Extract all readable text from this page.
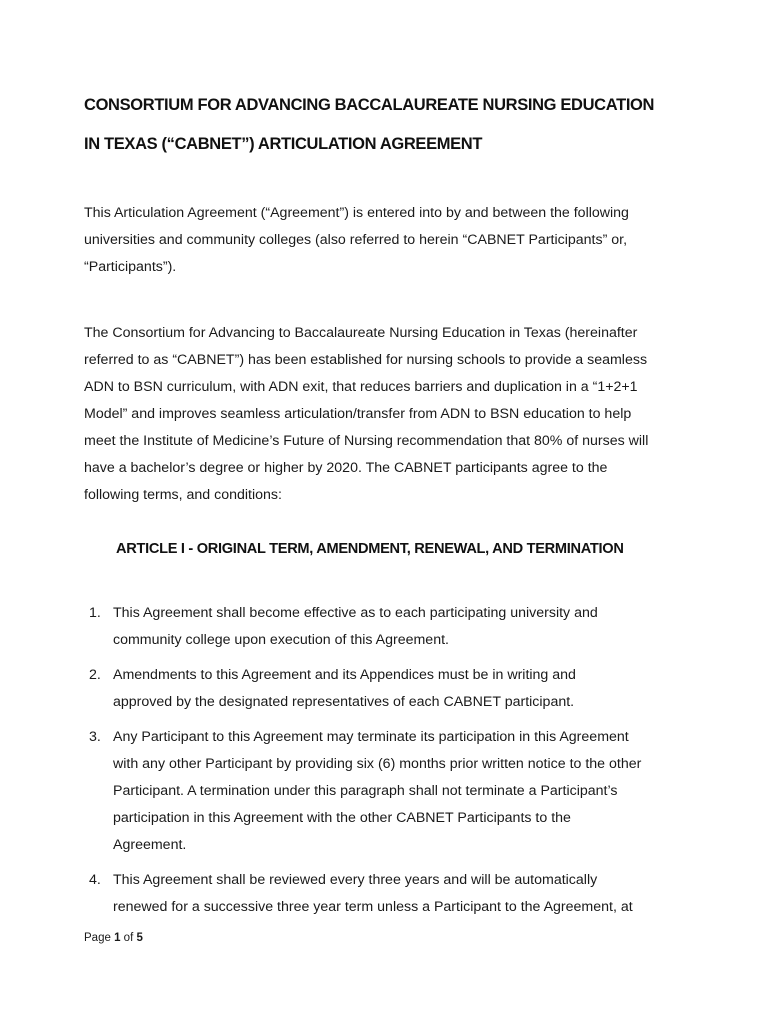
CONSORTIUM FOR ADVANCING BACCALAUREATE NURSING EDUCATION
IN TEXAS (“CABNET”) ARTICULATION AGREEMENT
This Articulation Agreement (“Agreement”) is entered into by and between the following
universities and community colleges (also referred to herein “CABNET Participants” or,
“Participants”).
The Consortium for Advancing to Baccalaureate Nursing Education in Texas (hereinafter
referred to as “CABNET”) has been established for nursing schools to provide a seamless
ADN to BSN curriculum, with ADN exit, that reduces barriers and duplication in a “1+2+1
Model” and improves seamless articulation/transfer from ADN to BSN education to help
meet the Institute of Medicine’s Future of Nursing recommendation that 80% of nurses will
have a bachelor’s degree or higher by 2020. The CABNET participants agree to the
following terms, and conditions:
ARTICLE I - ORIGINAL TERM, AMENDMENT, RENEWAL, AND TERMINATION
1. This Agreement shall become effective as to each participating university and
community college upon execution of this Agreement.
2. Amendments to this Agreement and its Appendices must be in writing and
approved by the designated representatives of each CABNET participant.
3. Any Participant to this Agreement may terminate its participation in this Agreement
with any other Participant by providing six (6) months prior written notice to the other
Participant. A termination under this paragraph shall not terminate a Participant’s
participation in this Agreement with the other CABNET Participants to the
Agreement.
4. This Agreement shall be reviewed every three years and will be automatically
renewed for a successive three year term unless a Participant to the Agreement, at
Page 1 of 5
